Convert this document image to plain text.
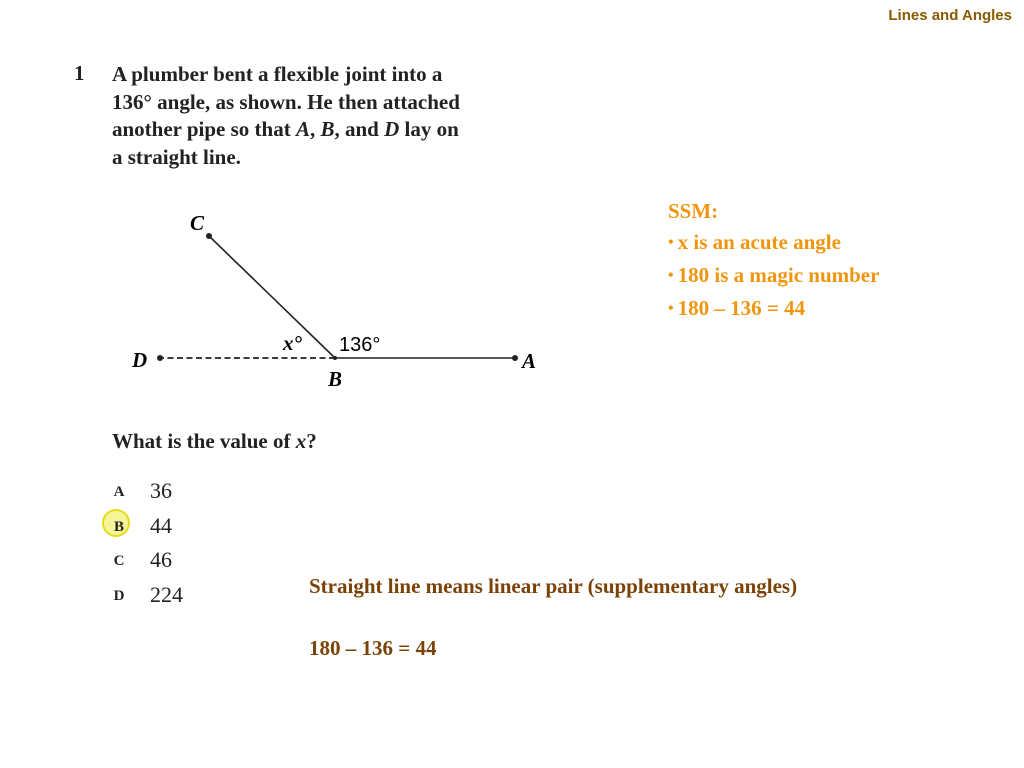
Lines and Angles
1 A plumber bent a flexible joint into a
136° angle, as shown. He then attached
another pipe so that A, B, and D lay on
a straight line.
C
D
B
A
x° 136°
What is the value of x?
A 36
B 44
C 46
D 224
SSM:
• x is an acute angle
• 180 is a magic number
• 180 – 136 = 44
Straight line means linear pair (supplementary angles)
180 – 136 = 44
